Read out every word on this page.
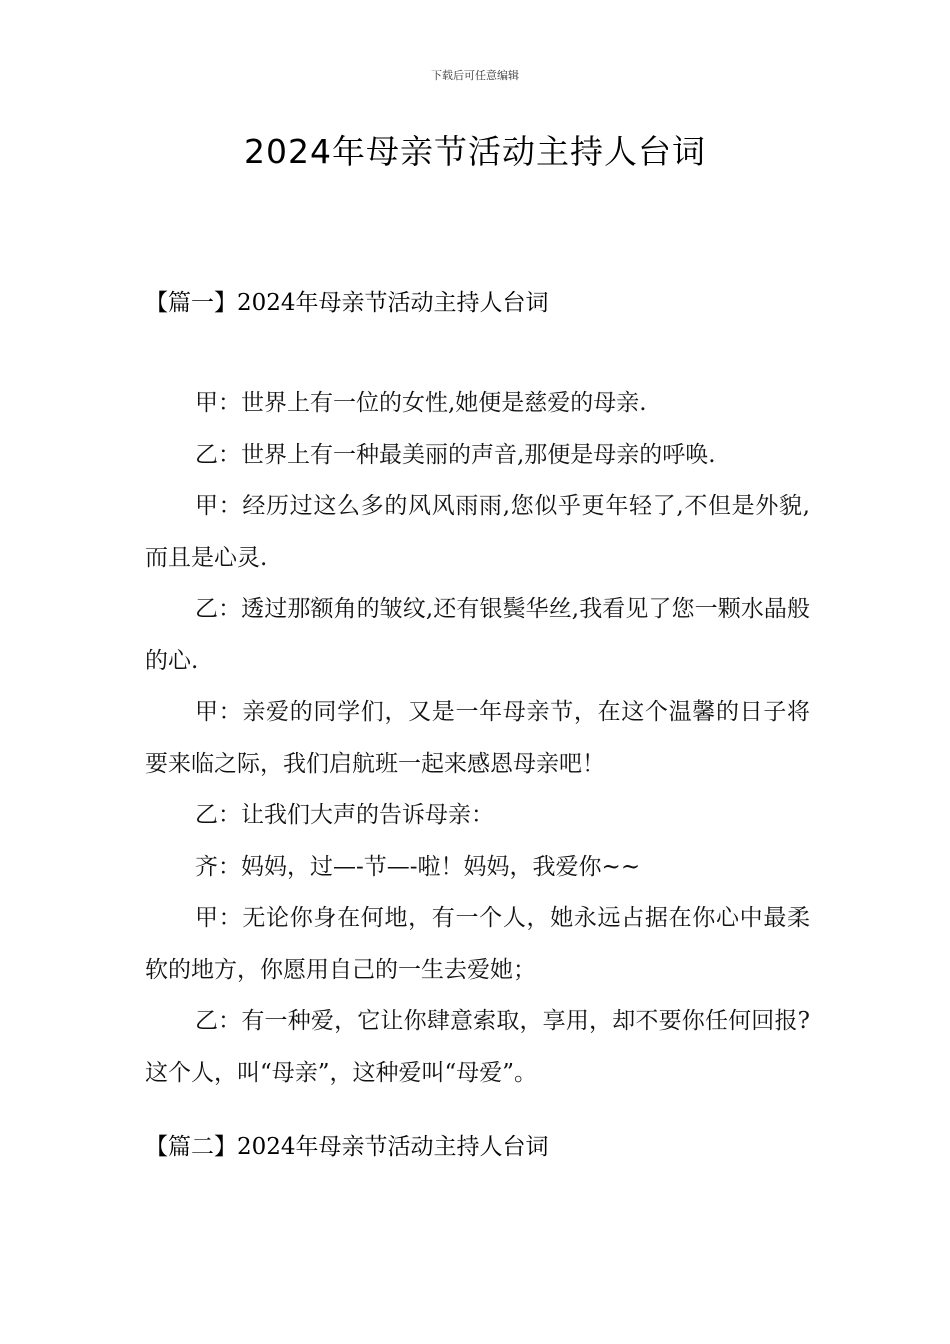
下载后可任意编辑
2024年母亲节活动主持人台词
【篇一】2024年母亲节活动主持人台词

甲：世界上有一位的女性,她便是慈爱的母亲.

乙：世界上有一种最美丽的声音,那便是母亲的呼唤.

甲：经历过这么多的风风雨雨,您似乎更年轻了,不但是外貌,而且是心灵.

乙：透过那额角的皱纹,还有银鬓华丝,我看见了您一颗水晶般的心.

甲：亲爱的同学们，又是一年母亲节，在这个温馨的日子将要来临之际，我们启航班一起来感恩母亲吧！

乙：让我们大声的告诉母亲：

齐：妈妈，过—-节—-啦！妈妈，我爱你~~

甲：无论你身在何地，有一个人，她永远占据在你心中最柔软的地方，你愿用自己的一生去爱她；

乙：有一种爱，它让你肆意索取，享用，却不要你任何回报?这个人，叫“母亲”，这种爱叫“母爱”。

【篇二】2024年母亲节活动主持人台词
